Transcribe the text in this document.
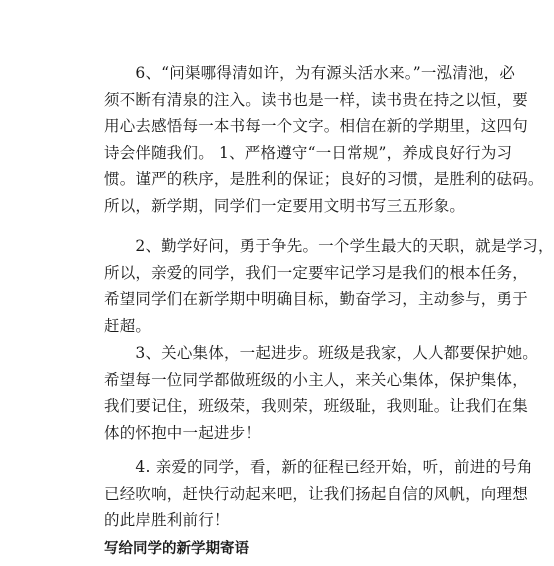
　　6、“问渠哪得清如许，为有源头活水来。”一泓清池，必
须不断有清泉的注入。读书也是一样，读书贵在持之以恒，要
用心去感悟每一本书每一个文字。相信在新的学期里，这四句
诗会伴随我们。 1、严格遵守“一日常规”，养成良好行为习
惯。谨严的秩序，是胜利的保证；良好的习惯，是胜利的砝码。
所以，新学期，同学们一定要用文明书写三五形象。

　　2、勤学好问，勇于争先。一个学生最大的天职，就是学习，
所以，亲爱的同学，我们一定要牢记学习是我们的根本任务，
希望同学们在新学期中明确目标，勤奋学习，主动参与，勇于
赶超。

　　3、关心集体，一起进步。班级是我家，人人都要保护她。
希望每一位同学都做班级的小主人，来关心集体，保护集体，
我们要记住，班级荣，我则荣，班级耻，我则耻。让我们在集
体的怀抱中一起进步！

　　4. 亲爱的同学，看，新的征程已经开始，听，前进的号角
已经吹响，赶快行动起来吧，让我们扬起自信的风帆，向理想
的此岸胜利前行！

写给同学的新学期寄语
